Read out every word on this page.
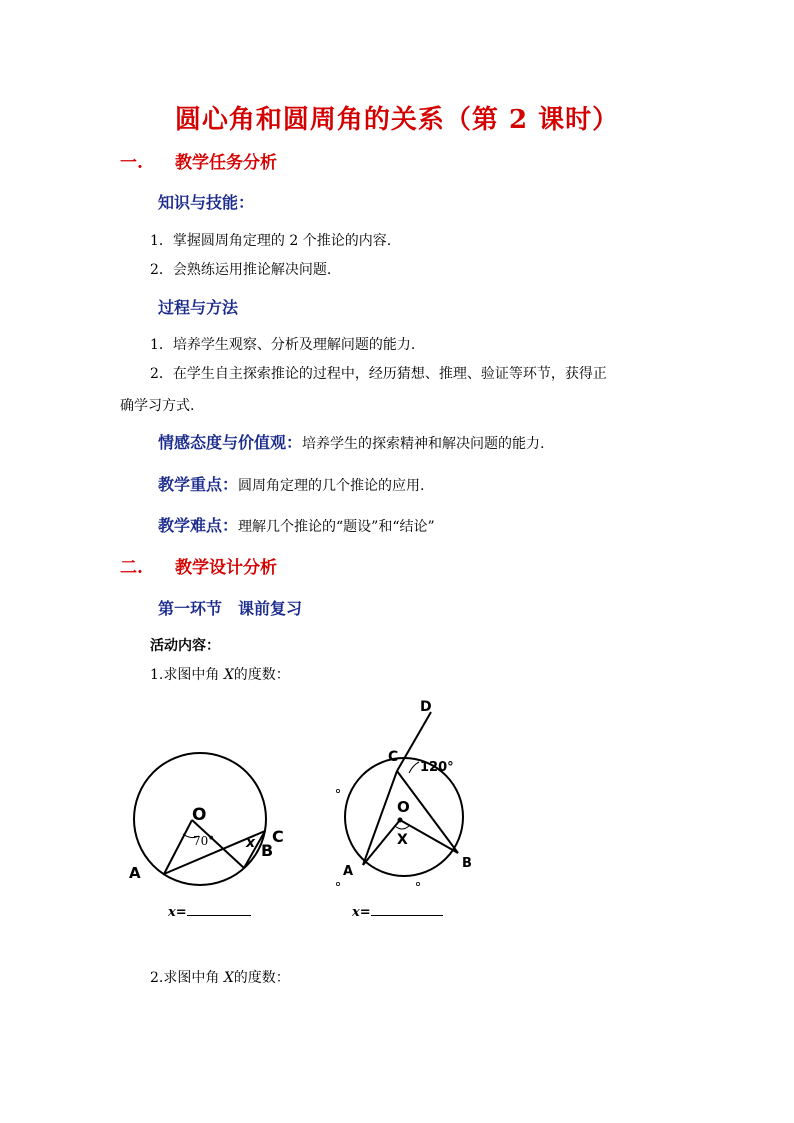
圆心角和圆周角的关系（第 2 课时）
一. 教学任务分析
知识与技能：
1．掌握圆周角定理的 2 个推论的内容.
2．会熟练运用推论解决问题.
过程与方法
1．培养学生观察、分析及理解问题的能力.
2．在学生自主探索推论的过程中，经历猜想、推理、验证等环节，获得正
确学习方式.
情感态度与价值观：培养学生的探索精神和解决问题的能力.
教学重点：圆周角定理的几个推论的应用.
教学难点：理解几个推论的“题设”和“结论”
二. 教学设计分析
第一环节　课前复习
活动内容：
1.求图中角 X的度数：
O
70° x B
C
A
D
C
120°
O
X
A
B
x=	x=
2.求图中角 X的度数：
